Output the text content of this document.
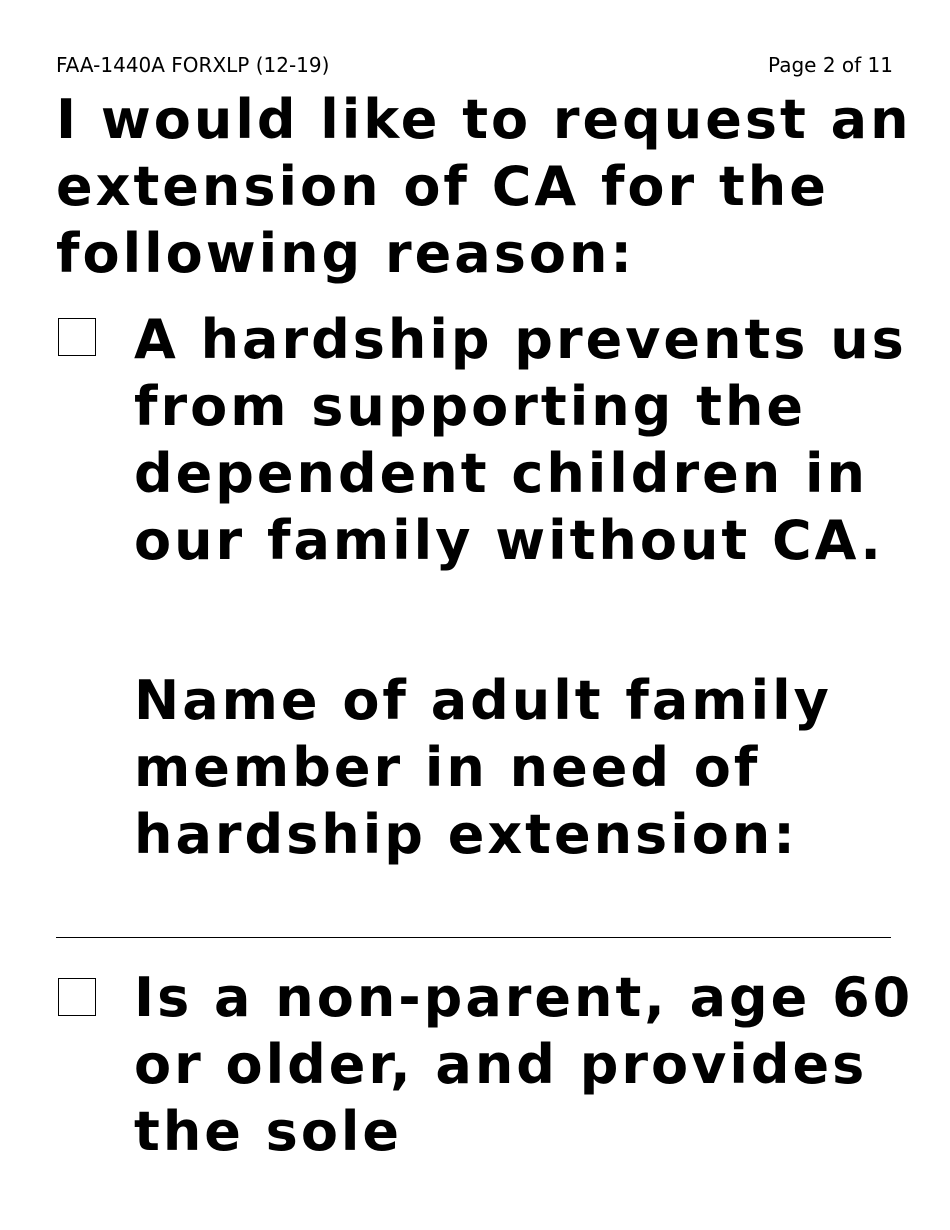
FAA-1440A FORXLP (12-19)	Page 2 of 11
I would like to request an extension of CA for the following reason:

A hardship prevents us from supporting the dependent children in our family without CA.

Name of adult family member in need of hardship extension:

Is a non-parent, age 60 or older, and provides the sole
